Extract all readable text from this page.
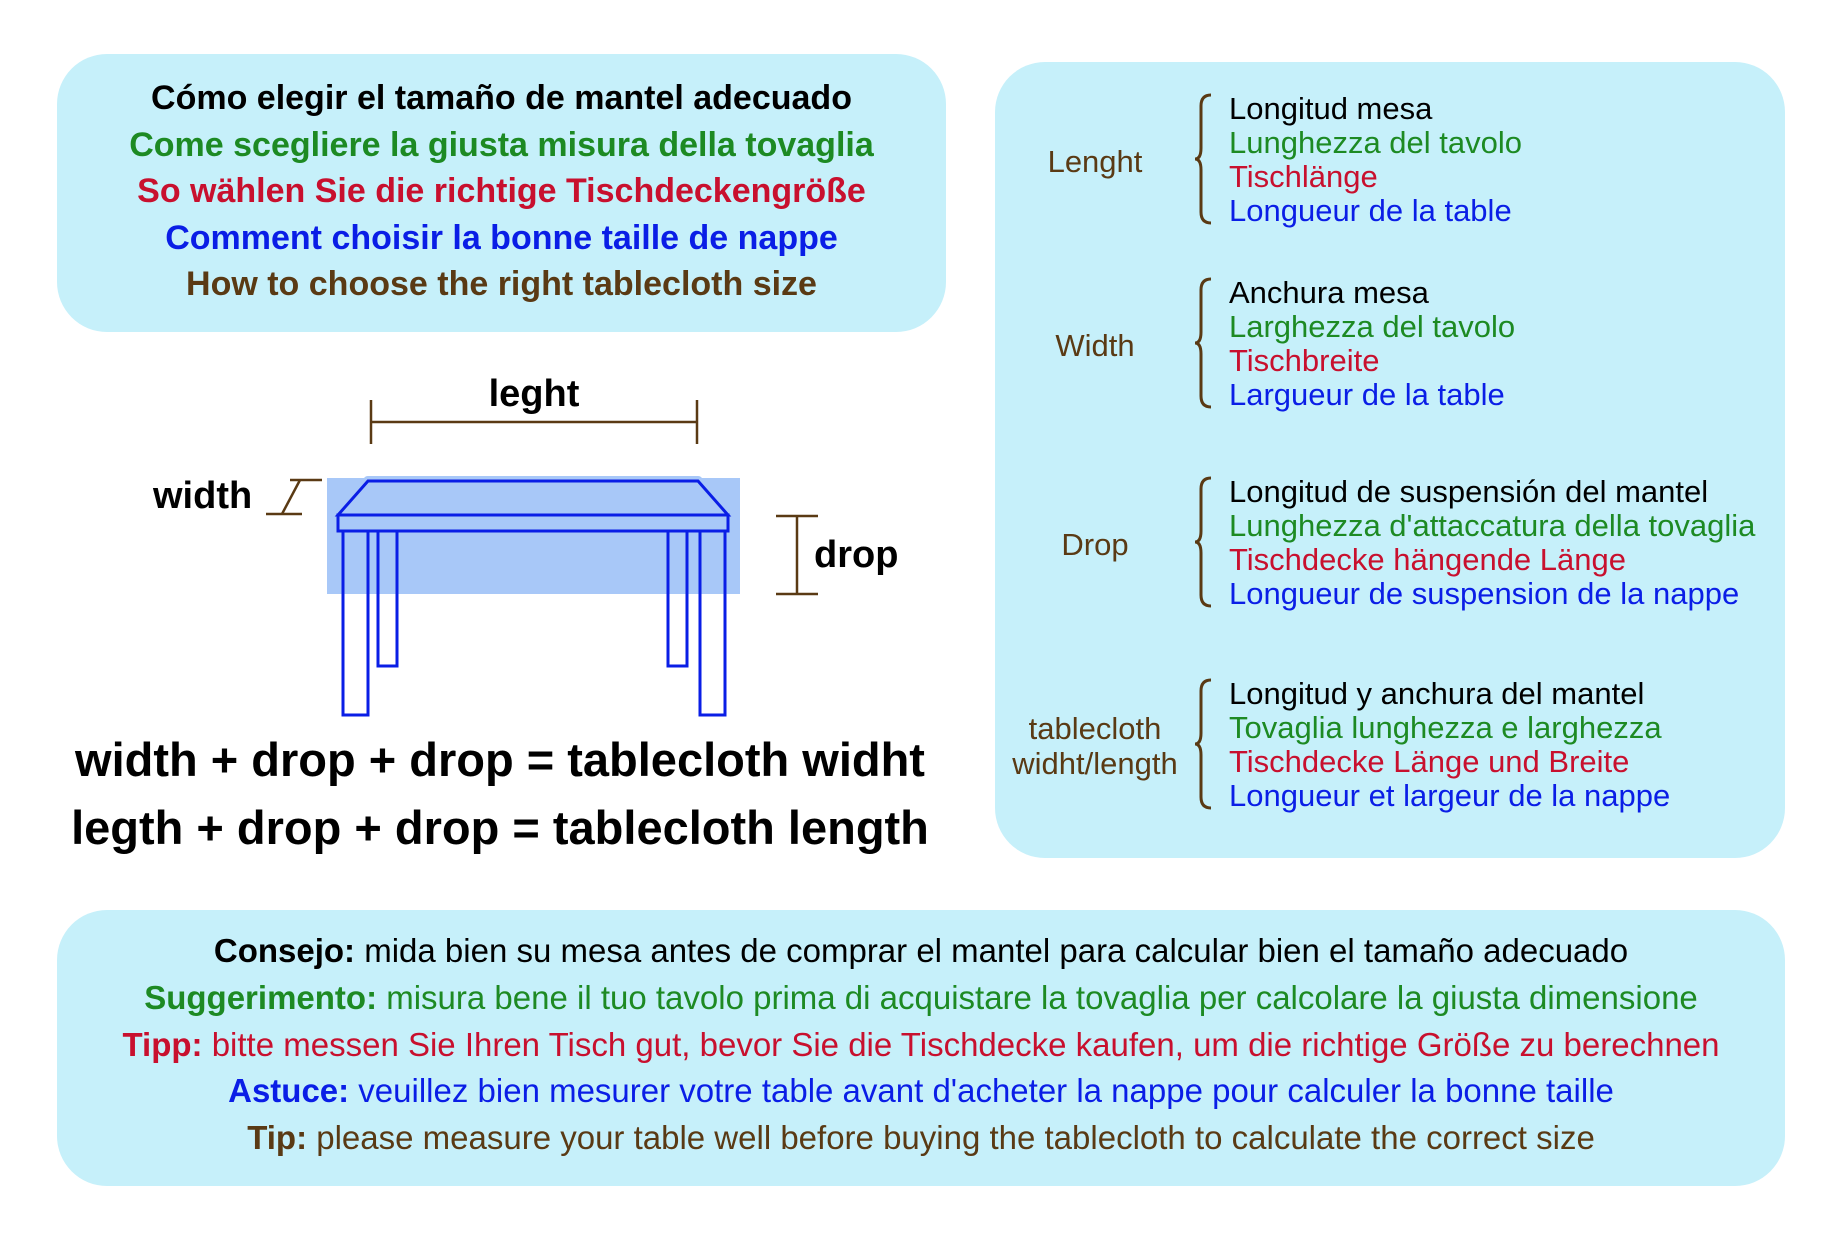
Cómo elegir el tamaño de mantel adecuado
Come scegliere la giusta misura della tovaglia
So wählen Sie die richtige Tischdeckengröße
Comment choisir la bonne taille de nappe
How to choose the right tablecloth size
leght
width
drop
width + drop + drop = tablecloth widht
legth + drop + drop = tablecloth length
Lenght
Longitud mesa
Lunghezza del tavolo
Tischlänge
Longueur de la table
Width
Anchura mesa
Larghezza del tavolo
Tischbreite
Largueur de la table
Drop
Longitud de suspensión del mantel
Lunghezza d'attaccatura della tovaglia
Tischdecke hängende Länge
Longueur de suspension de la nappe
tablecloth
widht/length
Longitud y anchura del mantel
Tovaglia lunghezza e larghezza
Tischdecke Länge und Breite
Longueur et largeur de la nappe
Consejo: mida bien su mesa antes de comprar el mantel para calcular bien el tamaño adecuado
Suggerimento: misura bene il tuo tavolo prima di acquistare la tovaglia per calcolare la giusta dimensione
Tipp: bitte messen Sie Ihren Tisch gut, bevor Sie die Tischdecke kaufen, um die richtige Größe zu berechnen
Astuce: veuillez bien mesurer votre table avant d'acheter la nappe pour calculer la bonne taille
Tip: please measure your table well before buying the tablecloth to calculate the correct size
